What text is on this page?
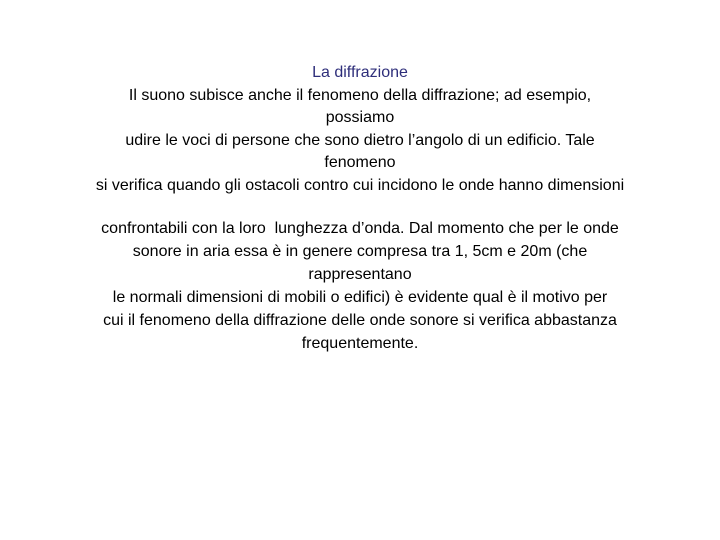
La diffrazione
Il suono subisce anche il fenomeno della diffrazione; ad esempio,
possiamo
udire le voci di persone che sono dietro l’angolo di un edificio. Tale
fenomeno
si verifica quando gli ostacoli contro cui incidono le onde hanno dimensioni
confrontabili con la loro  lunghezza d’onda. Dal momento che per le onde
sonore in aria essa è in genere compresa tra 1, 5cm e 20m (che
rappresentano
le normali dimensioni di mobili o edifici) è evidente qual è il motivo per
cui il fenomeno della diffrazione delle onde sonore si verifica abbastanza
frequentemente.
